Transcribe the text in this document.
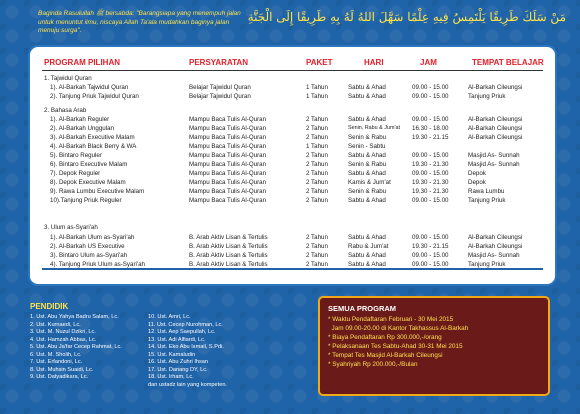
Baginda Rasulullah ﷺ bersabda: "Barangsiapa yang menempuh jalan untuk menuntut ilmu, niscaya Allah Ta'ala mudahkan baginya jalan menuju surga".
مَنْ سَلَكَ طَرِيقًا يَلْتَمِسُ فِيهِ عِلْمًا سَهَّلَ اللهُ لَهُ بِهِ طَرِيقًا إِلَى الْجَنَّةِ
PROGRAM PILIHAN	PERSYARATAN	PAKET	HARI	JAM	TEMPAT BELAJAR
1. Tajwidul Quran
1). Al-Barkah Tajwidul Quran	Belajar Tajwidul Quran	1 Tahun	Sabtu & Ahad	09.00 - 15.00	Al-Barkah Cileungsi
2). Tanjung Priuk Tajwidul Quran	Belajar Tajwidul Quran	1 Tahun	Sabtu & Ahad	09.00 - 15.00	Tanjung Priuk
2. Bahasa Arab
1). Al-Barkah Reguler	Mampu Baca Tulis Al-Quran	2 Tahun	Sabtu & Ahad	09.00 - 15.00	Al-Barkah Cileungsi
2). Al-Barkah Unggulan	Mampu Baca Tulis Al-Quran	2 Tahun	Senin, Rabu & Jum'at 16.30 - 18.00	Al-Barkah Cileungsi
3). Al-Barkah Executive Malam	Mampu Baca Tulis Al-Quran	2 Tahun	Senin & Rabu	19.30 - 21.15	Al-Barkah Cileungsi
4). Al-Barkah Black Berry & WA	Mampu Baca Tulis Al-Quran	1 Tahun	Senin - Sabtu
5). Bintaro Reguler	Mampu Baca Tulis Al-Quran	2 Tahun	Sabtu & Ahad	09.00 - 15.00	Masjid As- Sunnah
6). Bintaro Executive Malam	Mampu Baca Tulis Al-Quran	2 Tahun	Senin & Rabu	19.30 - 21.30	Masjid As- Sunnah
7). Depok Reguler	Mampu Baca Tulis Al-Quran	2 Tahun	Sabtu & Ahad	09.00 - 15.00	Depok
8). Depok Executive Malam	Mampu Baca Tulis Al-Quran	2 Tahun	Kamis & Jum'at	19.30 - 21.30	Depok
9). Rawa Lumbu Executive Malam	Mampu Baca Tulis Al-Quran	2 Tahun	Senin & Rabu	19.30 - 21.30	Rawa Lumbu
10).Tanjung Priuk Reguler	Mampu Baca Tulis Al-Quran	2 Tahun	Sabtu & Ahad	09.00 - 15.00	Tanjung Priuk
3. Ulum as-Syari'ah
1). Al-Barkah Ulum as-Syari'ah	B. Arab Aktiv Lisan & Tertulis	2 Tahun	Sabtu & Ahad	09.00 - 15.00	Al-Barkah Cileungsi
2). Al-Barkah US Executive	B. Arab Aktiv Lisan & Tertulis	2 Tahun	Rabu & Jum'at	19.30 - 21.15	Al-Barkah Cileungsi
3). Bintaro Ulum as-Syari'ah	B. Arab Aktiv Lisan & Tertulis	2 Tahun	Sabtu & Ahad	09.00 - 15.00	Masjid As- Sunnah
4). Tanjung Priuk Ulum as-Syari'ah	B. Arab Aktiv Lisan & Tertulis	2 Tahun	Sabtu & Ahad	09.00 - 15.00	Tanjung Priuk
PENDIDIK
1. Ust. Abu Yahya Badru Salam, Lc.
2. Ust. Kurnaedi, Lc.
3. Ust. M. Nuzul Dzikri, Lc.
4. Ust. Hamzah Abbas, Lc.
5. Ust. Abu Ja'far Cecep Rahmat, Lc.
6. Ust. M. Sholih, Lc.
7. Ust. Erfandoni, Lc.
8. Ust. Muhsin Suaidi, Lc.
9. Ust. Datyadikara, Lc.
10. Ust. Amri, Lc.
11. Ust. Cecep Nurohman, Lc.
12. Ust. Aep Saepullah, Lc.
13. Ust. Adi Alfiardi, Lc.
14. Ust. Eko Abu Ismail, S.Pdi.
15. Ust. Kamaludin
16. Ust. Abu Zuhri Ihsan
17. Ust. Danang DY, Lc.
18. Ust. Irham, Lc.
dan ustadz lain yang kompeten.
SEMUA PROGRAM
* Waktu Pendaftaran Februari - 30 Mei 2015
Jam 09.00-20.00 di Kantor Takhassus Al-Barkah
* Biaya Pendaftaran Rp 300.000,-/orang
* Pelaksanaan Tes Sabtu-Ahad 30-31 Mei 2015
* Tempat Tes Masjid Al-Barkah Cileungsi
* Syahriyah Rp 200.000,-/Bulan
